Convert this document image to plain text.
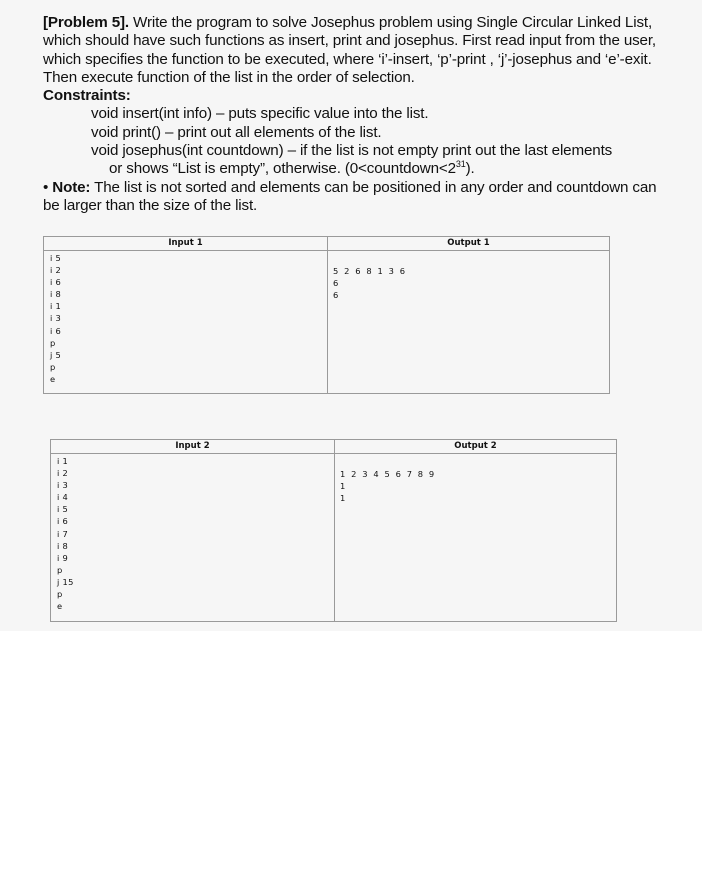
[Problem 5]. Write the program to solve Josephus problem using Single Circular Linked List, which should have such functions as insert, print and josephus. First read input from the user, which specifies the function to be executed, where ‘i’-insert, ‘p’-print , ‘j’-josephus and ‘e’-exit. Then execute function of the list in the order of selection.

Constraints:

void insert(int info) – puts specific value into the list.

void print() – print out all elements of the list.

void josephus(int countdown) – if the list is not empty print out the last elements

or shows “List is empty”, otherwise. $(0<countdown<2^{31})$.

• Note: The list is not sorted and elements can be positioned in any order and countdown can be larger than the size of the list.

Input 1	Output 1
i 5
i 2
i 6
i 8
i 1
i 3
i 6
p
j 5
p
e
5 2 6 8 1 3 6
6
6
Input 2	Output 2
i 1
i 2
i 3
i 4
i 5
i 6
i 7
i 8
i 9
p
j 15
p
e
1 2 3 4 5 6 7 8 9
1
1
